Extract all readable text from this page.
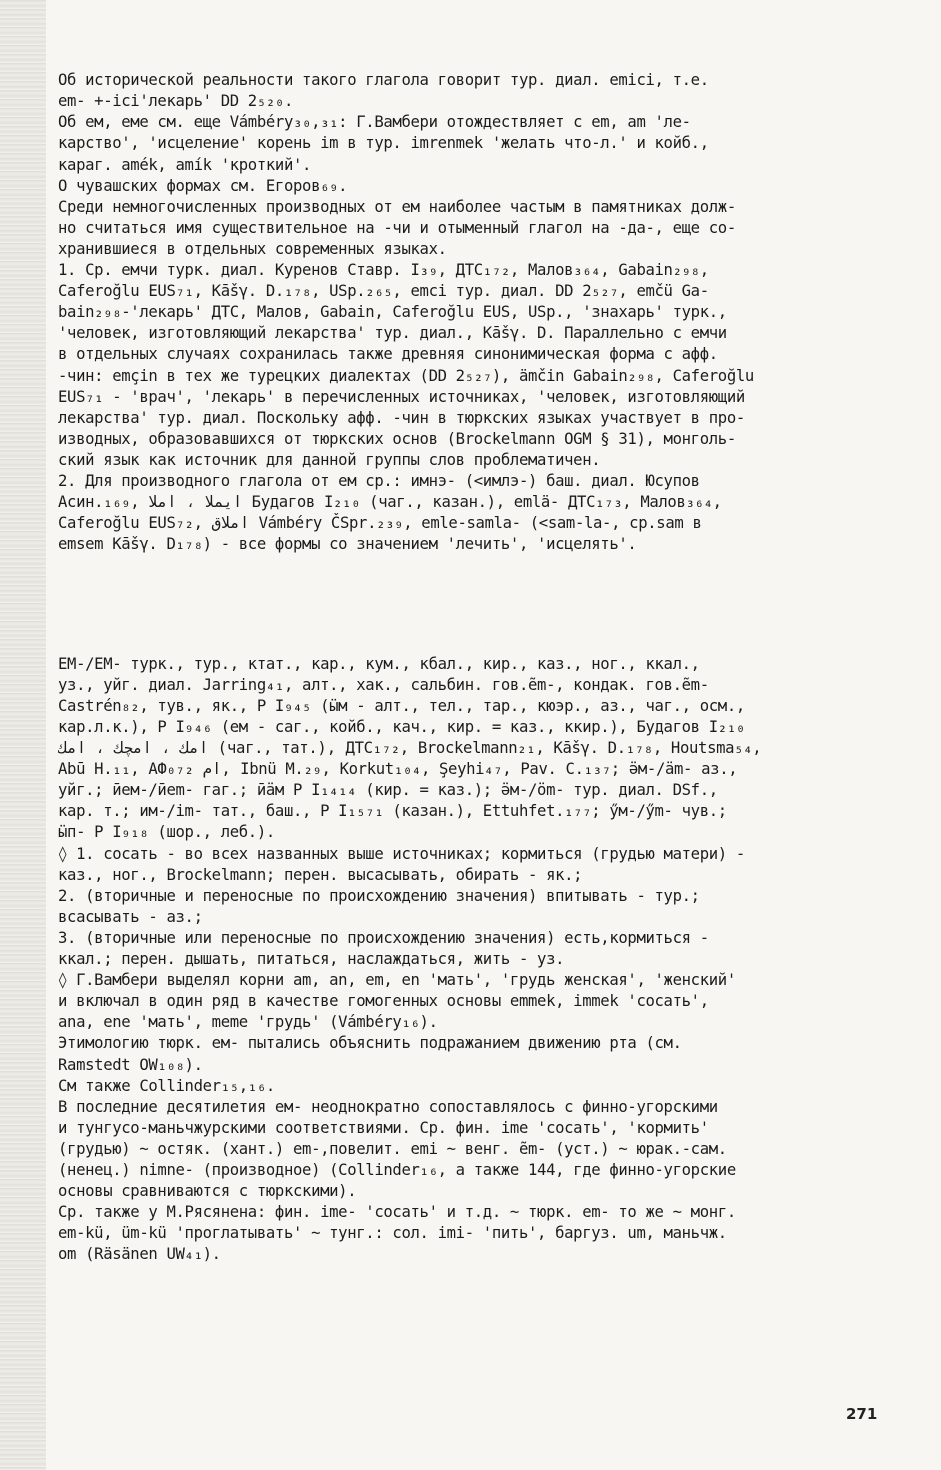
Об исторической реальности такого глагола говорит тур. диал. emici, т.е.
em- +-ici'лекарь' DD 2₅₂₀.
Об ем, еме см. еще Vámbéry₃₀,₃₁: Г.Вамбери отождествляет с em, am 'ле-
карство', 'исцеление' корень im в тур. imrenmek 'желать что-л.' и койб.,
караг. amék, amík 'кроткий'.
О чувашских формах см. Егоров₆₉.
Среди немногочисленных производных от ем наиболее частым в памятниках долж-
но считаться имя существительное на -чи и отыменный глагол на -да-, еще со-
хранившиеся в отдельных современных языках.
1. Ср. емчи турк. диал. Куренов Ставр. I₃₉, ДТС₁₇₂, Малов₃₆₄, Gabain₂₉₈,
Caferoğlu EUS₇₁, Kāšγ. D.₁₇₈, USp.₂₆₅, emci тур. диал. DD 2₅₂₇, emčü Ga-
bain₂₉₈-'лекарь' ДТС, Малов, Gabain, Caferoğlu EUS, USp., 'знахарь' турк.,
'человек, изготовляющий лекарства' тур. диал., Kāšγ. D. Параллельно с емчи
в отдельных случаях сохранилась также древняя синонимическая форма с афф.
-чин: emçin в тех же турецких диалектах (DD 2₅₂₇), ämčin Gabain₂₉₈, Caferoğlu
EUS₇₁ - 'врач', 'лекарь' в перечисленных источниках, 'человек, изготовляющий
лекарства' тур. диал. Поскольку афф. -чин в тюркских языках участвует в про-
изводных, образовавшихся от тюркских основ (Brockelmann OGM § 31), монголь-
ский язык как источник для данной группы слов проблематичен.
2. Для производного глагола от ем ср.: имнэ- (<имлэ-) баш. диал. Юсупов
Асин.₁₆₉, ایملا ، املا Будагов I₂₁₀ (чаг., казан.), emlä- ДТС₁₇₃, Малов₃₆₄,
Caferoğlu EUS₇₂, املاق Vámbéry ČSpr.₂₃₉, emle-samla- (<sam-la-, ср.sam в
emsem Kāšγ. D₁₇₈) - все формы со значением 'лечить', 'исцелять'.

ЕМ-/ЕМ- турк., тур., ктат., кар., кум., кбал., кир., каз., ног., ккал.,
уз., уйг. диал. Jarring₄₁, алт., хак., сальбин. гов.ẽm-, кондак. гов.ẽm-
Castrén₈₂, тув., як., Р I₉₄₅ (ӹм - алт., тел., тар., кюэр., аз., чаг., осм.,
кар.л.к.), Р I₉₄₆ (ем - саг., койб., кач., кир. = каз., ккир.), Будагов I₂₁₀
امك ، امچك ، امك (чаг., тат.), ДТС₁₇₂, Brockelmann₂₁, Kāšγ. D.₁₇₈, Houtsma₅₄,
Abū H.₁₁, АФ₀₇₂ ام, Ibnü M.₂₉, Korkut₁₀₄, Şeyhi₄₇, Pav. C.₁₃₇; ӛм-/ӓm- аз.,
уйг.; ӣем-/ӣem- гаг.; ӣӓм Р I₁₄₁₄ (кир. = каз.); ӛм-/ӧm- тур. диал. DSf.,
кар. т.; им-/im- тат., баш., Р I₁₅₇₁ (казан.), Ettuhfet.₁₇₇; ӳм-/ӳm- чув.;
ӹп- Р I₉₁₈ (шор., леб.).
◊ 1. сосать - во всех названных выше источниках; кормиться (грудью матери) -
каз., ног., Brockelmann; перен. высасывать, обирать - як.;
2. (вторичные и переносные по происхождению значения) впитывать - тур.;
всасывать - аз.;
3. (вторичные или переносные по происхождению значения) есть,кормиться -
ккал.; перен. дышать, питаться, наслаждаться, жить - уз.
◊ Г.Вамбери выделял корни am, an, em, en 'мать', 'грудь женская', 'женский'
и включал в один ряд в качестве гомогенных основы emmek, immek 'сосать',
ana, ene 'мать', meme 'грудь' (Vámbéry₁₆).
Этимологию тюрк. ем- пытались объяснить подражанием движению рта (см.
Ramstedt OW₁₀₈).
См также Collinder₁₅,₁₆.
В последние десятилетия ем- неоднократно сопоставлялось с финно-угорскими
и тунгусо-маньчжурскими соответствиями. Ср. фин. ime 'сосать', 'кормить'
(грудью) ~ остяк. (хант.) em-,повелит. emi ~ венг. ẽm- (уст.) ~ юрак.-сам.
(ненец.) nimne- (производное) (Collinder₁₆, а также 144, где финно-угорские
основы сравниваются с тюркскими).
Ср. также у М.Рясянена: фин. ime- 'сосать' и т.д. ~ тюрк. em- то же ~ монг.
em-kü, üm-kü 'проглатывать' ~ тунг.: сол. imi- 'пить', баргуз. um, маньчж.
om (Räsänen UW₄₁).

271
